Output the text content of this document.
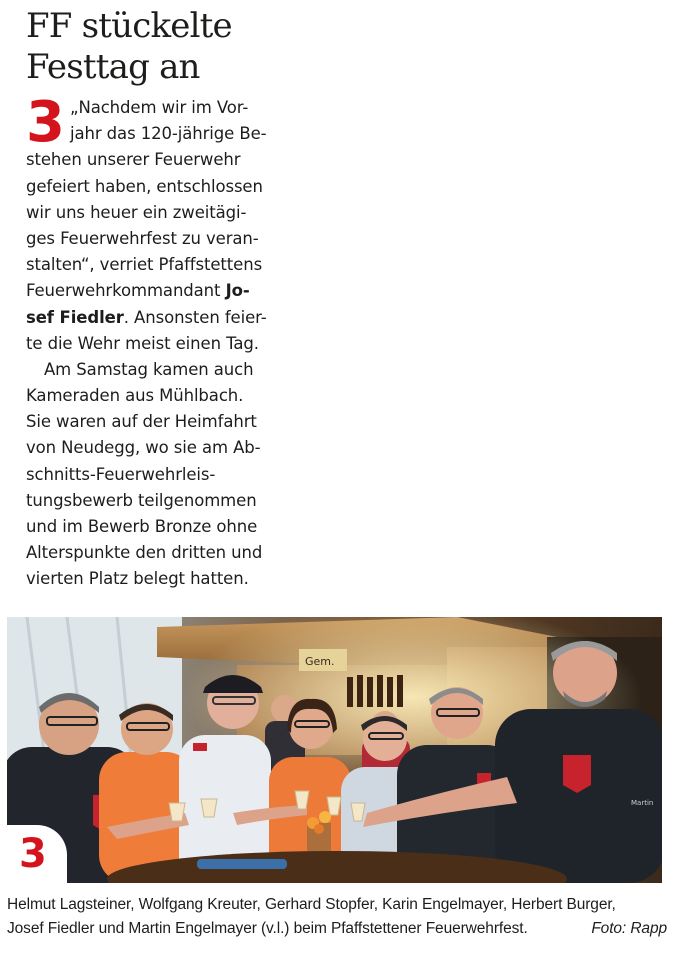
FF stückelte
Festtag an
3 „Nachdem wir im Vor-
jahr das 120-jährige Be-
stehen unserer Feuerwehr
gefeiert haben, entschlossen
wir uns heuer ein zweitägi-
ges Feuerwehrfest zu veran-
stalten“, verriet Pfaffstettens
Feuerwehrkommandant Jo-
sef Fiedler. Ansonsten feier-
te die Wehr meist einen Tag.
Am Samstag kamen auch
Kameraden aus Mühlbach.
Sie waren auf der Heimfahrt
von Neudegg, wo sie am Ab-
schnitts-Feuerwehrleis-
tungsbewerb teilgenommen
und im Bewerb Bronze ohne
Alterspunkte den dritten und
vierten Platz belegt hatten.
Gem.
Martin
3
Helmut Lagsteiner, Wolfgang Kreuter, Gerhard Stopfer, Karin Engelmayer, Herbert Burger,
Josef Fiedler und Martin Engelmayer (v.l.) beim Pfaffstettener Feuerwehrfest.	Foto: Rapp
